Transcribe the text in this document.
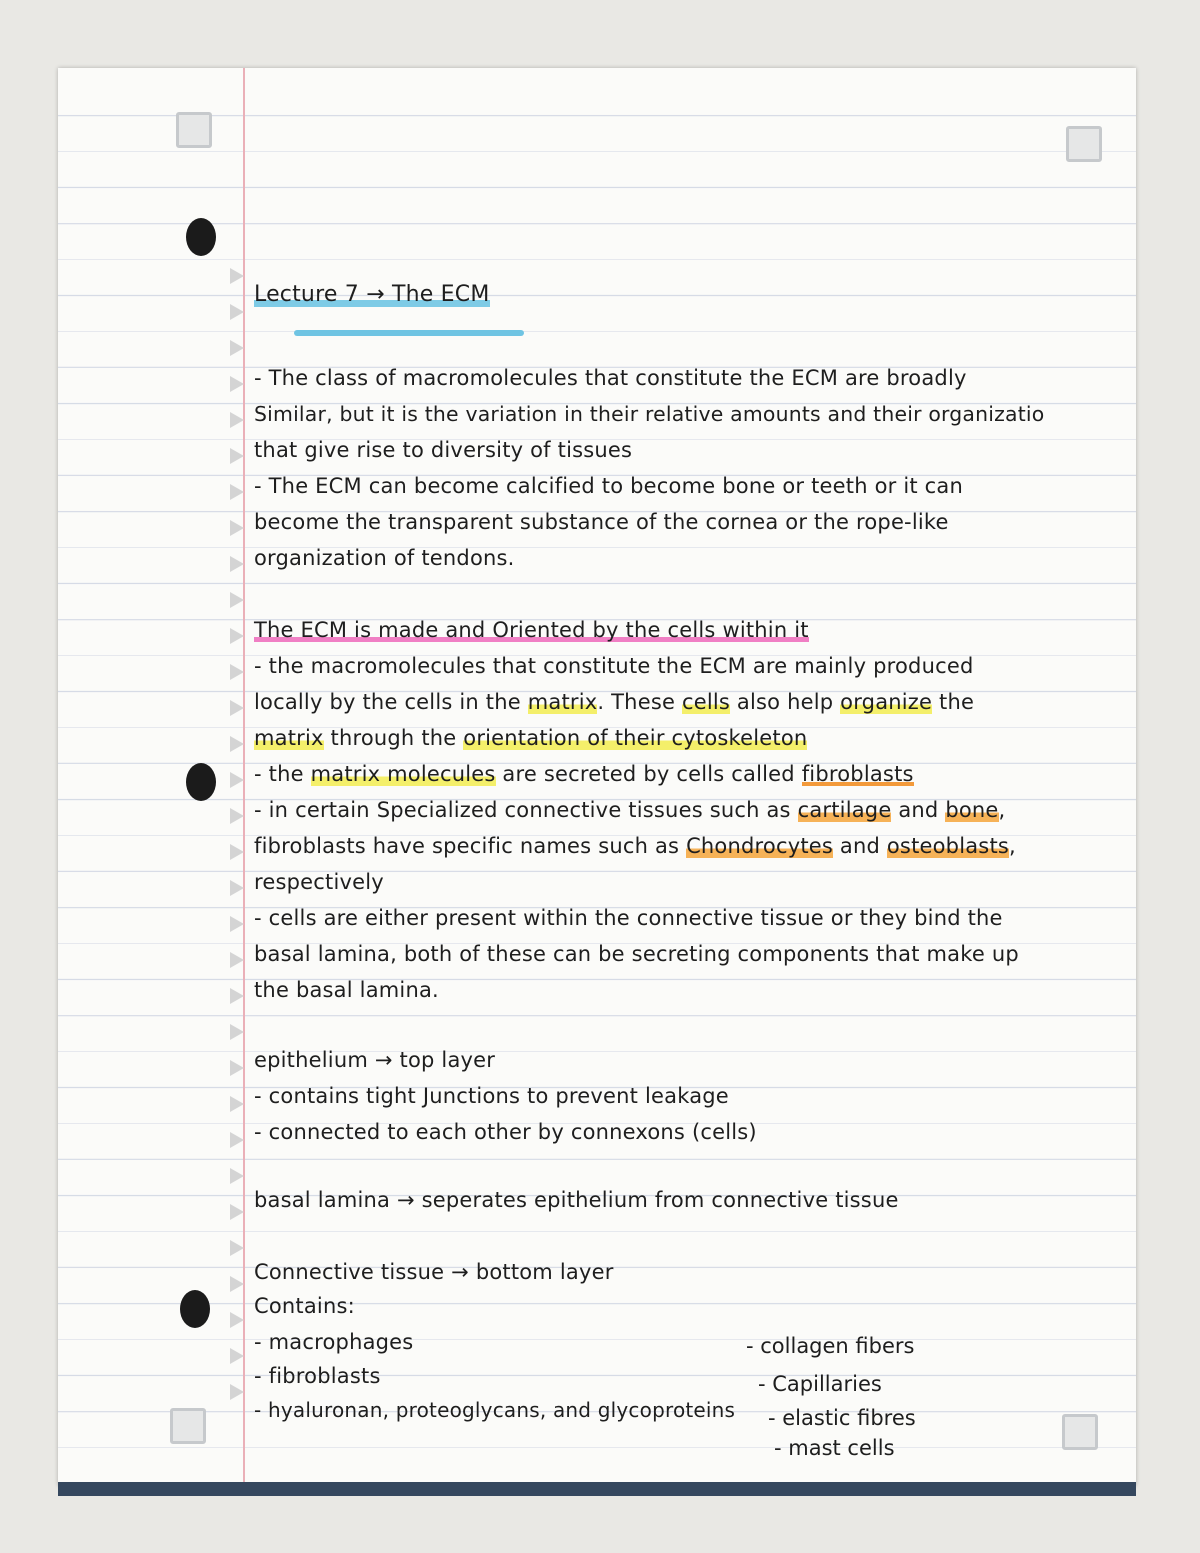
Lecture 7 → The ECM

- The class of macromolecules that constitute the ECM are broadly

Similar, but it is the variation in their relative amounts and their organizatio

that give rise to diversity of tissues

- The ECM can become calcified to become bone or teeth or it can

become the transparent substance of the cornea or the rope-like

organization of tendons.

The ECM is made and Oriented by the cells within it

- the macromolecules that constitute the ECM are mainly produced

locally by the cells in the matrix. These cells also help organize the

matrix through the orientation of their cytoskeleton

- the matrix molecules are secreted by cells called fibroblasts

- in certain Specialized connective tissues such as cartilage and bone,

fibroblasts have specific names such as Chondrocytes and osteoblasts,

respectively

- cells are either present within the connective tissue or they bind the

basal lamina, both of these can be secreting components that make up

the basal lamina.

epithelium → top layer

- contains tight Junctions to prevent leakage

- connected to each other by connexons (cells)

basal lamina → seperates epithelium from connective tissue

Connective tissue → bottom layer

Contains:

- macrophages

- fibroblasts

- hyaluronan, proteoglycans, and glycoproteins

- collagen fibers

- Capillaries

- elastic fibres

- mast cells
